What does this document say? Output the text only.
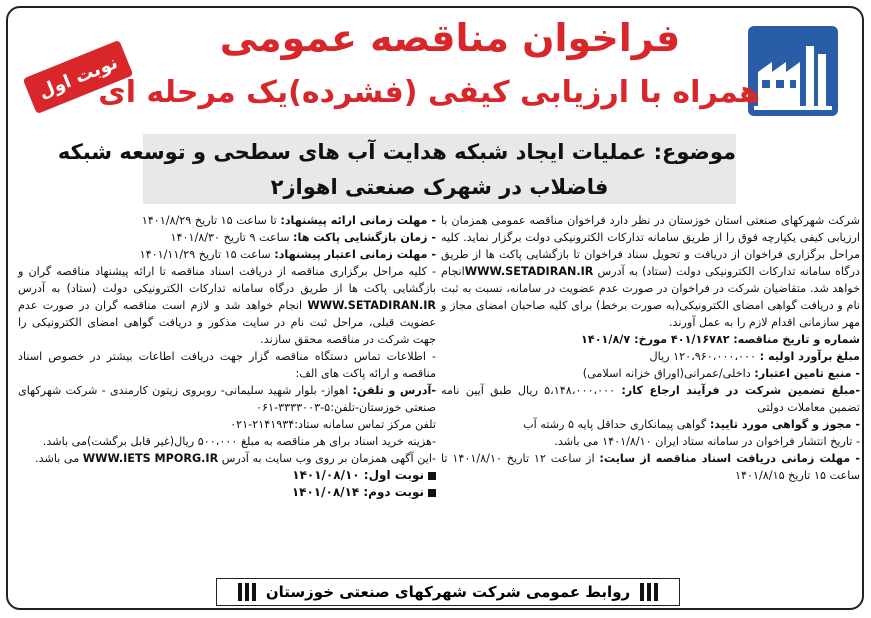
نوبت اول
فراخوان مناقصه عمومی
همراه با ارزیابی کیفی (فشرده)یک مرحله ای
موضوع: عملیات ایجاد شبکه هدایت آب های سطحی و توسعه شبکه
فاضلاب در شهرک صنعتی اهواز۲

شرکت شهرکهای صنعتی استان خوزستان در نظر دارد فراخوان مناقصه عمومی همزمان با ارزیابی کیفی یکپارچه فوق را از طریق سامانه تدارکات الکترونیکی دولت برگزار نماید. کلیه مراحل برگزاری فراخوان از دریافت و تحویل سناد فراخوان تا بازگشایی پاکت ها از طریق درگاه سامانه تدارکات الکترونیکی دولت (ستاد) به آدرس WWW.SETADIRAN.IRانجام خواهد شد. متقاضیان شرکت در فراخوان در صورت عدم عضویت در سامانه، نسبت به ثبت نام و دریافت گواهی امضای الکترونیکی(به صورت برخط) برای کلیه صاحبان امضای مجاز و مهر سازمانی اقدام لازم را به عمل آورند.

شماره و تاریخ مناقصه: ۴۰۱/۱۶۷۸۲ مورخ: ۱۴۰۱/۸/۷

مبلغ برآورد اولیه : ۱۲۰،۹۶۰،۰۰۰،۰۰۰ ریال

- منبع تامین اعتبار: داخلی/عمرانی(اوراق خزانه اسلامی)

-مبلغ تضمین شرکت در فرآیند ارجاع کار: ۵،۱۴۸،۰۰۰،۰۰۰ ریال طبق آیین نامه تضمین معاملات دولتی

- مجوز و گواهی مورد تایید: گواهی پیمانکاری حداقل پایه ۵ رشته آب

- تاریخ انتشار فراخوان در سامانه ستاد ایران ۱۴۰۱/۸/۱۰ می باشد.

- مهلت زمانی دریافت اسناد مناقصه از سایت: از ساعت ۱۲ تاریخ ۱۴۰۱/۸/۱۰ تا ساعت ۱۵ تاریخ ۱۴۰۱/۸/۱۵

- مهلت زمانی ارائه پیشنهاد: تا ساعت ۱۵ تاریخ ۱۴۰۱/۸/۲۹

- زمان بازگشایی پاکت ها: ساعت ۹ تاریخ ۱۴۰۱/۸/۳۰

- مهلت زمانی اعتبار پیشنهاد: ساعت ۱۵ تاریخ ۱۴۰۱/۱۱/۲۹

- کلیه مراحل برگزاری مناقصه از دریافت اسناد مناقصه تا ارائه پیشنهاد مناقصه گران و بازگشایی پاکت ها از طریق درگاه سامانه تدارکات الکترونیکی دولت (ستاد) به آدرس WWW.SETADIRAN.IR انجام خواهد شد و لازم است مناقصه گران در صورت عدم عضویت قبلی، مراحل ثبت نام در سایت مذکور و دریافت گواهی امضای الکترونیکی را جهت شرکت در مناقصه محقق سازند.

- اطلاعات تماس دستگاه مناقصه گزار جهت دریافت اطاعات بیشتر در خصوص اسناد مناقصه و ارائه پاکت های الف:

-آدرس و تلفن: اهواز- بلوار شهید سلیمانی- روبروی زیتون کارمندی - شرکت شهرکهای صنعتی خوزستان-تلفن:۵-۳۳۳۳۰۰۳-۰۶۱

تلفن مرکز تماس سامانه ستاد:۲۱۴۱۹۳۴-۰۲۱

-هزینه خرید اسناد برای هر مناقصه به مبلغ ۵۰۰،۰۰۰ ریال(غیر قابل برگشت)می باشد.

-این آگهی همزمان بر روی وب سایت به آدرس WWW.IETS MPORG.IR می باشد.

نوبت اول:

۱۴۰۱/۰۸/۱۰
نوبت دوم:

۱۴۰۱/۰۸/۱۴
روابط عمومی شرکت شهرکهای صنعتی خوزستان
